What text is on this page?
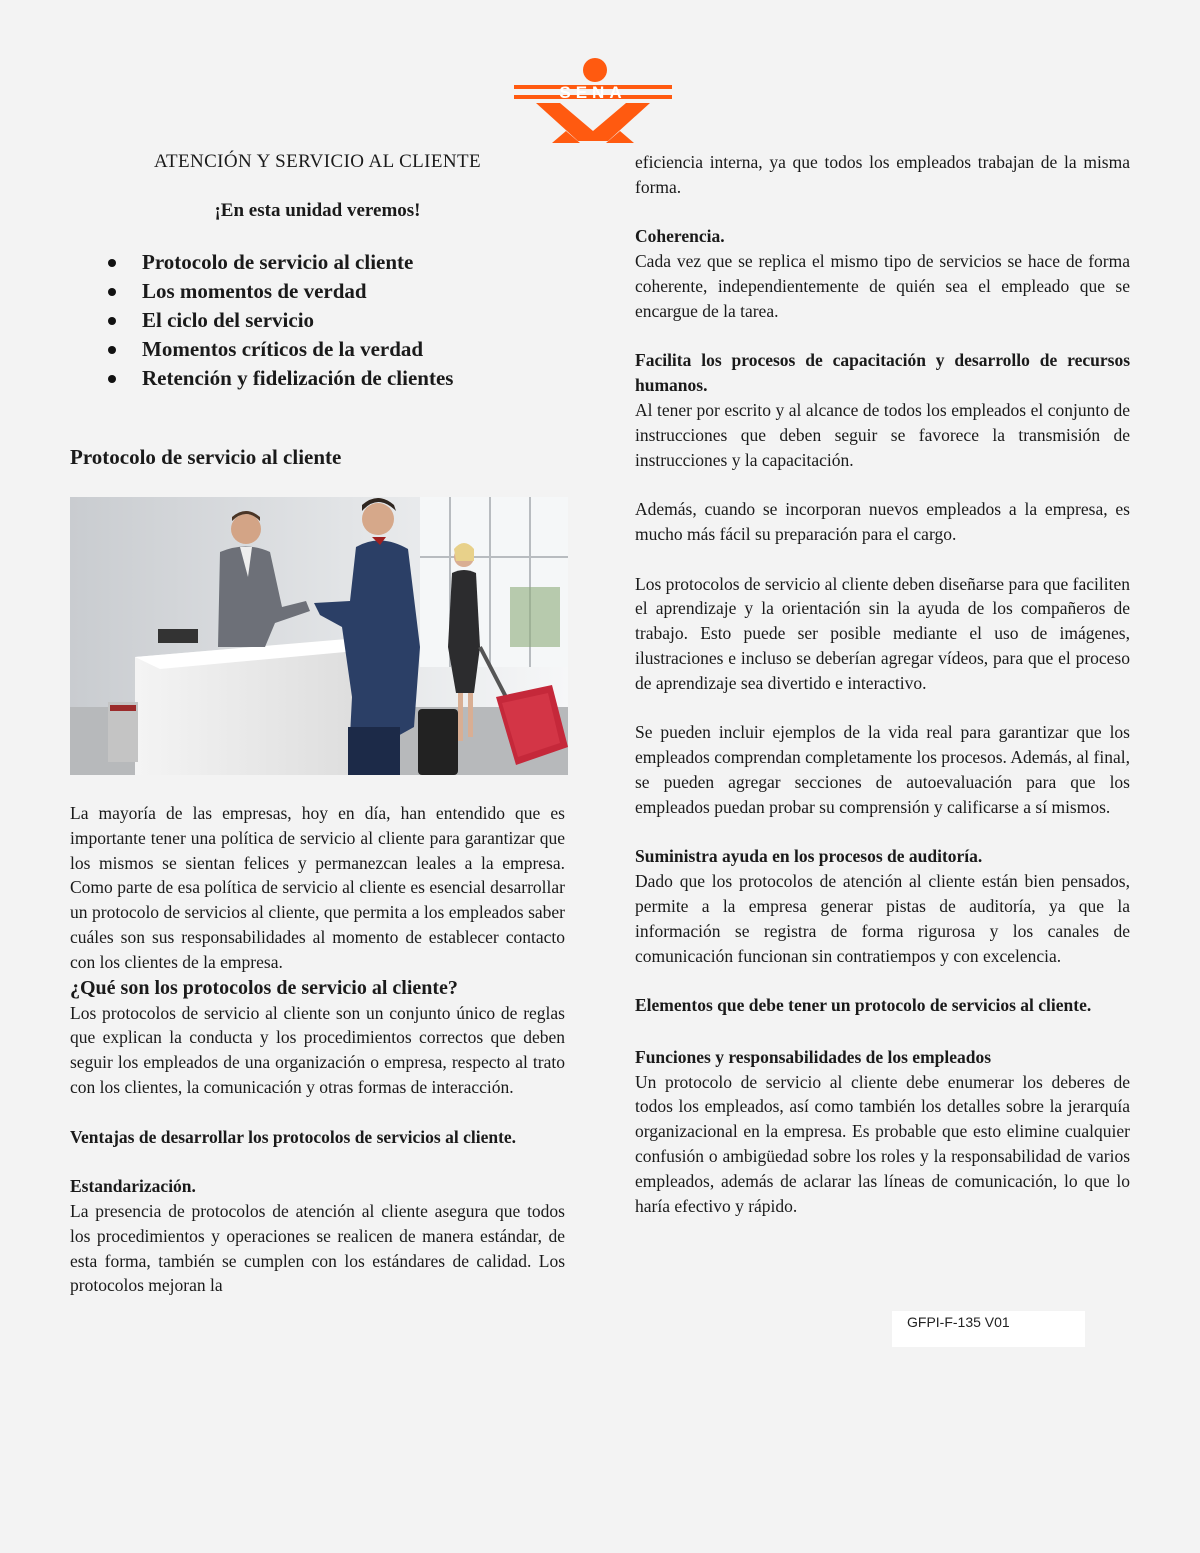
SENA
ATENCIÓN Y SERVICIO AL CLIENTE

¡En esta unidad veremos!

Protocolo de servicio al cliente
Los momentos de verdad
El ciclo del servicio
Momentos críticos de la verdad
Retención y fidelización de clientes
Protocolo de servicio al cliente

La mayoría de las empresas, hoy en día, han entendido que es importante tener una política de servicio al cliente para garantizar que los mismos se sientan felices y permanezcan leales a la empresa. Como parte de esa política de servicio al cliente es esencial desarrollar un protocolo de servicios al cliente, que permita a los empleados saber cuáles son sus responsabilidades al momento de establecer contacto con los clientes de la empresa.

¿Qué son los protocolos de servicio al cliente?

Los protocolos de servicio al cliente son un conjunto único de reglas que explican la conducta y los procedimientos correctos que deben seguir los empleados de una organización o empresa, respecto al trato con los clientes, la comunicación y otras formas de interacción.

Ventajas de desarrollar los protocolos de servicios al cliente.

Estandarización.

La presencia de protocolos de atención al cliente asegura que todos los procedimientos y operaciones se realicen de manera estándar, de esta forma, también se cumplen con los estándares de calidad. Los protocolos mejoran la

eficiencia interna, ya que todos los empleados trabajan de la misma forma.

Coherencia.

Cada vez que se replica el mismo tipo de servicios se hace de forma coherente, independientemente de quién sea el empleado que se encargue de la tarea.

Facilita los procesos de capacitación y desarrollo de recursos humanos.

Al tener por escrito y al alcance de todos los empleados el conjunto de instrucciones que deben seguir se favorece la transmisión de instrucciones y la capacitación.

Además, cuando se incorporan nuevos empleados a la empresa, es mucho más fácil su preparación para el cargo.

Los protocolos de servicio al cliente deben diseñarse para que faciliten el aprendizaje y la orientación sin la ayuda de los compañeros de trabajo. Esto puede ser posible mediante el uso de imágenes, ilustraciones e incluso se deberían agregar vídeos, para que el proceso de aprendizaje sea divertido e interactivo.

Se pueden incluir ejemplos de la vida real para garantizar que los empleados comprendan completamente los procesos. Además, al final, se pueden agregar secciones de autoevaluación para que los empleados puedan probar su comprensión y calificarse a sí mismos.

Suministra ayuda en los procesos de auditoría.

Dado que los protocolos de atención al cliente están bien pensados, permite a la empresa generar pistas de auditoría, ya que la información se registra de forma rigurosa y los canales de comunicación funcionan sin contratiempos y con excelencia.

Elementos que debe tener un protocolo de servicios al cliente.

Funciones y responsabilidades de los empleados

Un protocolo de servicio al cliente debe enumerar los deberes de todos los empleados, así como también los detalles sobre la jerarquía organizacional en la empresa. Es probable que esto elimine cualquier confusión o ambigüedad sobre los roles y la responsabilidad de varios empleados, además de aclarar las líneas de comunicación, lo que lo haría efectivo y rápido.

GFPI-F-135 V01
